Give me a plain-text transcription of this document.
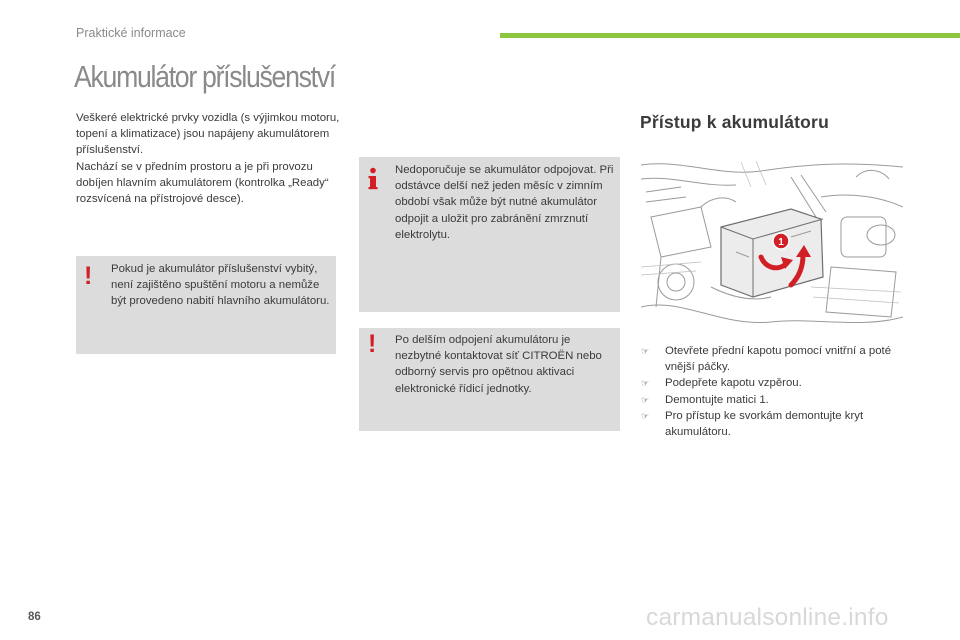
Praktické informace
Akumulátor příslušenství

Veškeré elektrické prvky vozidla (s výjimkou motoru, topení a klimatizace) jsou napájeny akumulátorem příslušenství.

Nachází se v předním prostoru a je při provozu dobíjen hlavním akumulátorem (kontrolka „Ready“ rozsvícená na přístrojové desce).

! Pokud je akumulátor příslušenství vybitý, není zajištěno spuštění motoru a nemůže být provedeno nabití hlavního akumulátoru.
Nedoporučuje se akumulátor odpojovat. Při odstávce delší než jeden měsíc v zimním období však může být nutné akumulátor odpojit a uložit pro zabránění zmrznutí elektrolytu.
! Po delším odpojení akumulátoru je nezbytné kontaktovat síť CITROËN nebo odborný servis pro opětnou aktivaci elektronické řídicí jednotky.
Přístup k akumulátoru
1
☞ Otevřete přední kapotu pomocí vnitřní a poté vnější páčky.
☞ Podepřete kapotu vzpěrou.
☞ Demontujte matici 1.
☞ Pro přístup ke svorkám demontujte kryt akumulátoru.
86	carmanualsonline.info
